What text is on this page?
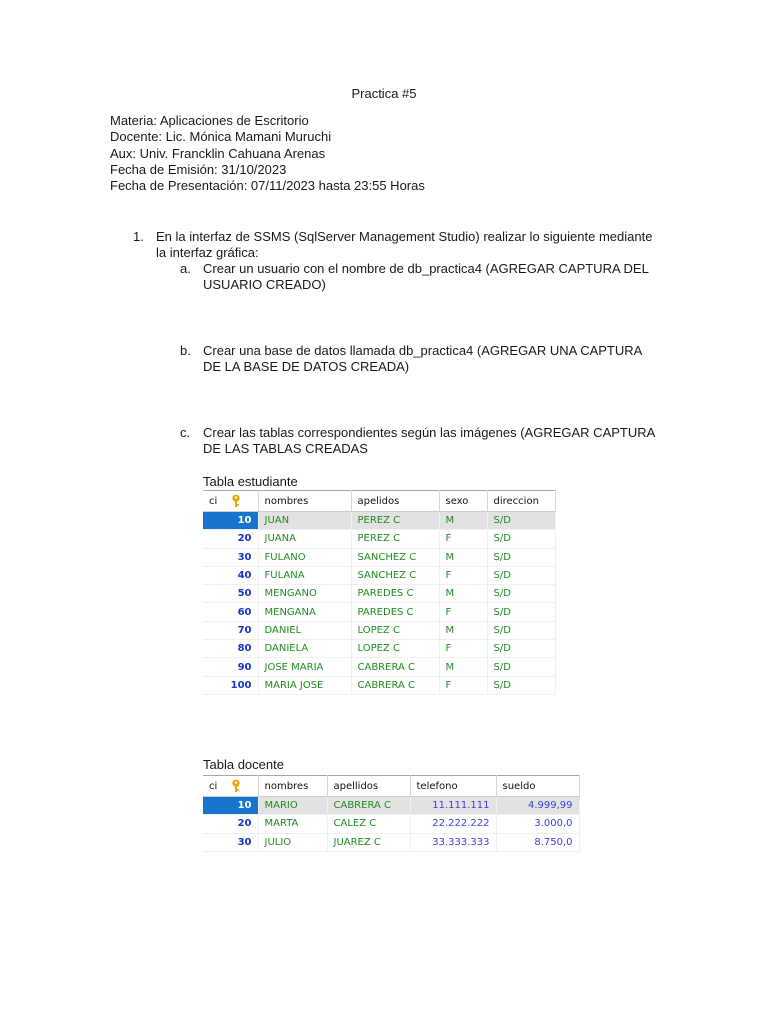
Practica #5
Materia: Aplicaciones de Escritorio
Docente: Lic. Mónica Mamani Muruchi
Aux: Univ. Francklin Cahuana Arenas
Fecha de Emisión: 31/10/2023
Fecha de Presentación: 07/11/2023 hasta 23:55 Horas
1. En la interfaz de SSMS (SqlServer Management Studio) realizar lo siguiente mediante la interfaz gráfica:
a. Crear un usuario con el nombre de db_practica4 (AGREGAR CAPTURA DEL USUARIO CREADO)
b. Crear una base de datos llamada db_practica4 (AGREGAR UNA CAPTURA DE LA BASE DE DATOS CREADA)
c. Crear las tablas correspondientes según las imágenes (AGREGAR CAPTURA DE LAS TABLAS CREADAS
Tabla estudiante
ci	nombres	apelidos	sexo	direccion
10	JUAN	PEREZ C	M	S/D
20	JUANA	PEREZ C	F	S/D
30	FULANO	SANCHEZ C	M	S/D
40	FULANA	SANCHEZ C	F	S/D
50	MENGANO	PAREDES C	M	S/D
60	MENGANA	PAREDES C	F	S/D
70	DANIEL	LOPEZ C	M	S/D
80	DANIELA	LOPEZ C	F	S/D
90	JOSE MARIA	CABRERA C	M	S/D
100	MARIA JOSE	CABRERA C	F	S/D
Tabla docente
ci	nombres	apellidos	telefono	sueldo
10	MARIO	CABRERA C	11.111.111	4.999,99
20	MARTA	CALEZ C	22.222.222	3.000,0
30	JULIO	JUAREZ C	33.333.333	8.750,0
